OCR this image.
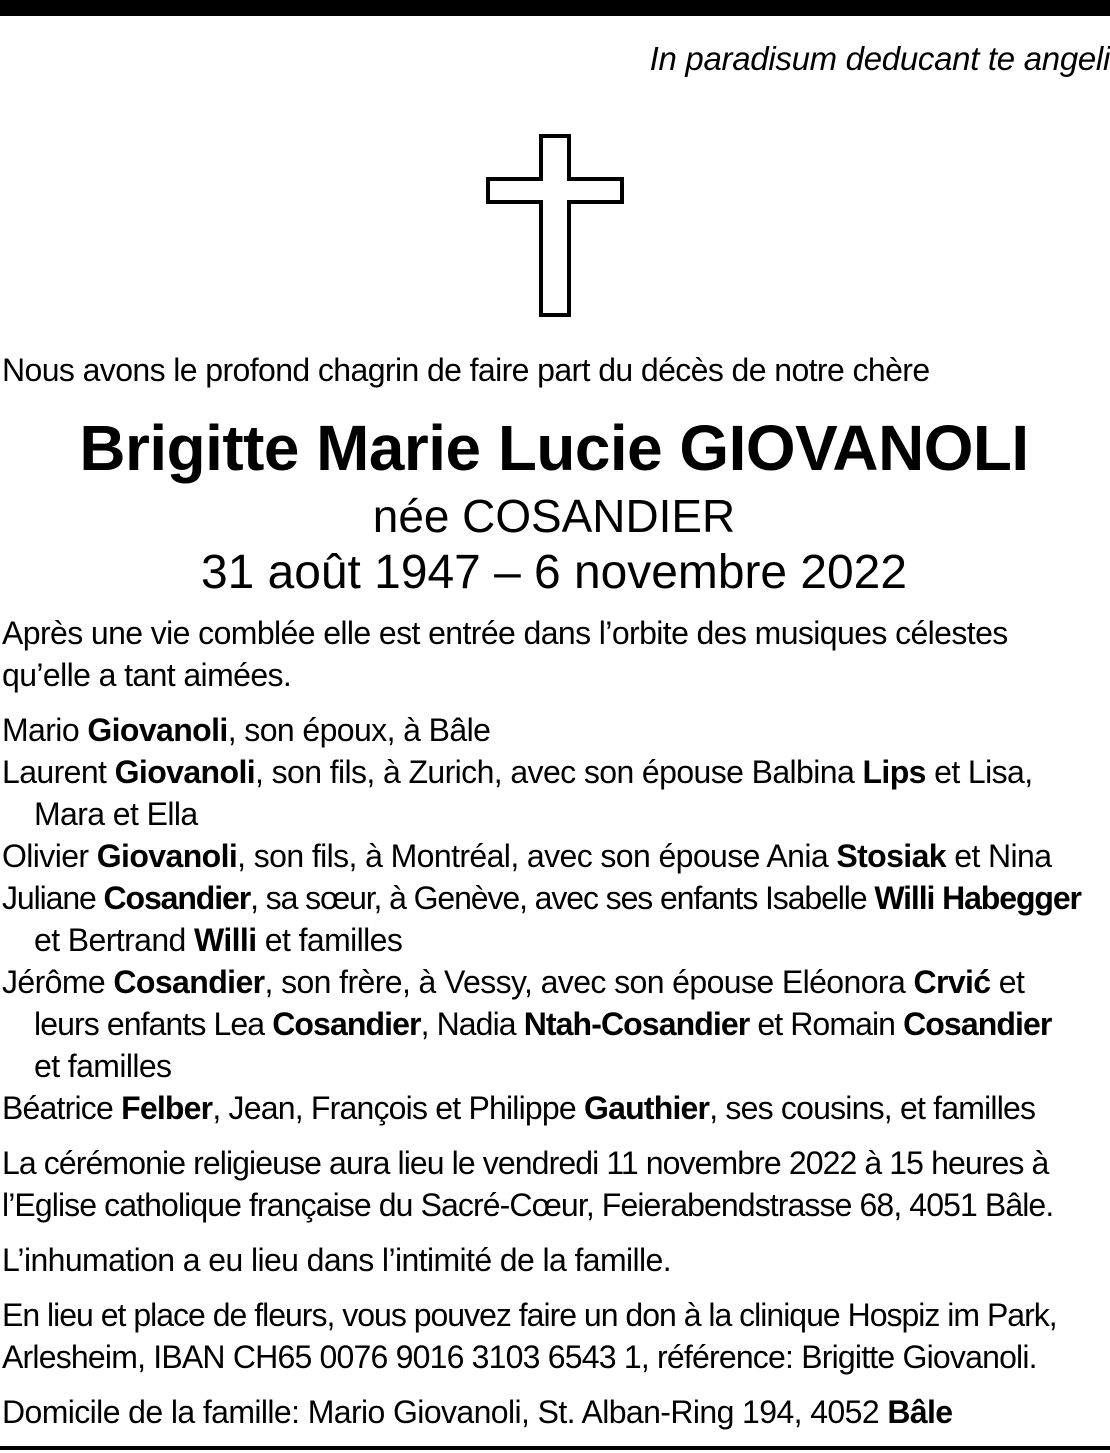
In paradisum deducant te angeli
Nous avons le profond chagrin de faire part du décès de notre chère
Brigitte Marie Lucie GIOVANOLI
née COSANDIER
31 août 1947 – 6 novembre 2022
Après une vie comblée elle est entrée dans l’orbite des musiques célestes
qu’elle a tant aimées.
Mario Giovanoli, son époux, à Bâle
Laurent Giovanoli, son fils, à Zurich, avec son épouse Balbina Lips et Lisa,
Mara et Ella
Olivier Giovanoli, son fils, à Montréal, avec son épouse Ania Stosiak et Nina
Juliane Cosandier, sa sœur, à Genève, avec ses enfants Isabelle Willi Habegger
et Bertrand Willi et familles
Jérôme Cosandier, son frère, à Vessy, avec son épouse Eléonora Crvić et
leurs enfants Lea Cosandier, Nadia Ntah-Cosandier et Romain Cosandier
et familles
Béatrice Felber, Jean, François et Philippe Gauthier, ses cousins, et familles
La cérémonie religieuse aura lieu le vendredi 11 novembre 2022 à 15 heures à
l’Eglise catholique française du Sacré-Cœur, Feierabendstrasse 68, 4051 Bâle.
L’inhumation a eu lieu dans l’intimité de la famille.
En lieu et place de fleurs, vous pouvez faire un don à la clinique Hospiz im Park,
Arlesheim, IBAN CH65 0076 9016 3103 6543 1, référence: Brigitte Giovanoli.
Domicile de la famille: Mario Giovanoli, St. Alban-Ring 194, 4052 Bâle
